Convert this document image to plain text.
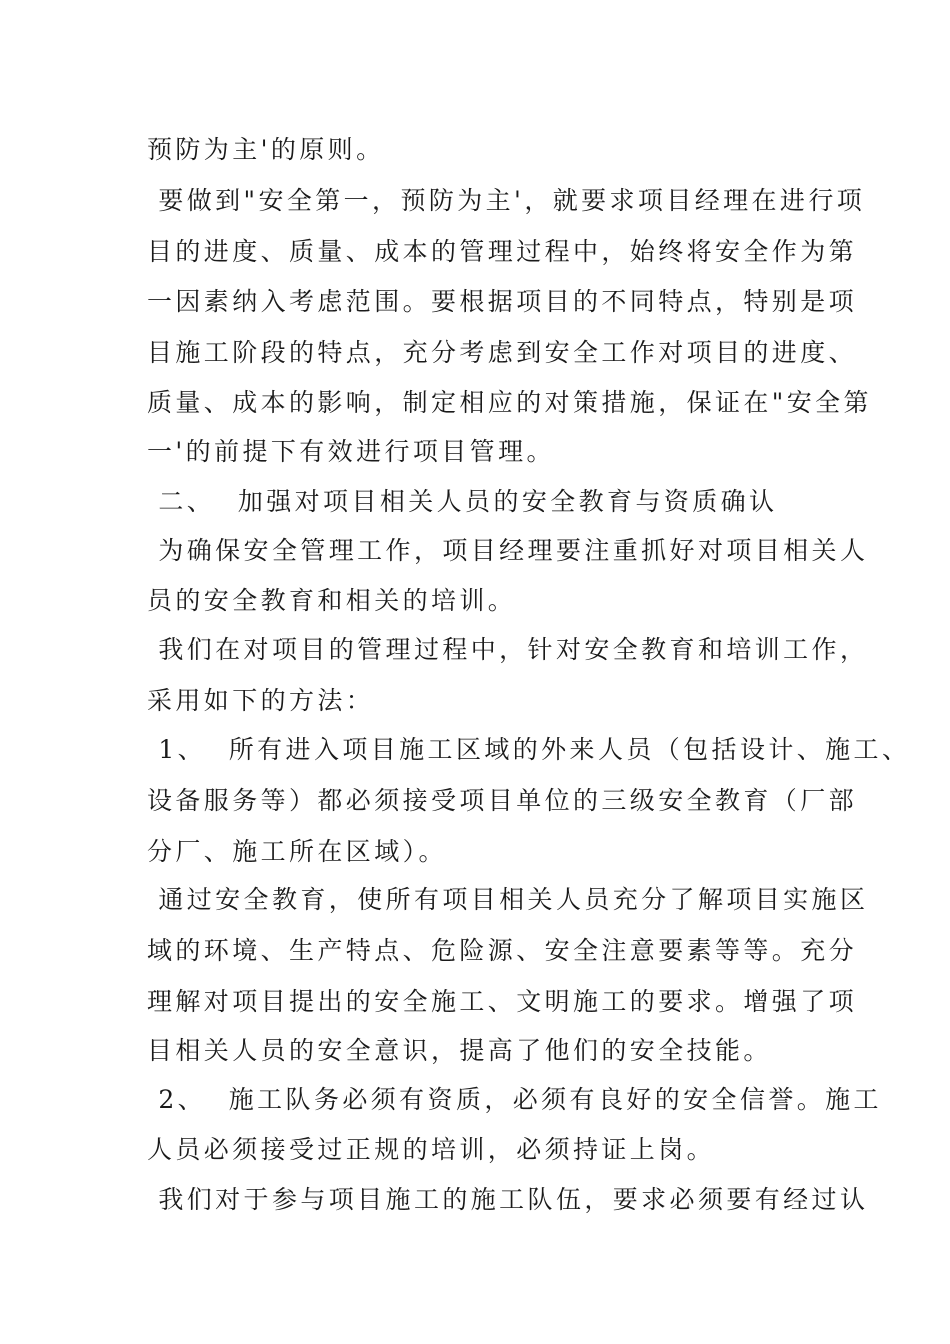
预防为主'的原则。
要做到"安全第一，预防为主'，就要求项目经理在进行项
目的进度、质量、成本的管理过程中，始终将安全作为第
一因素纳入考虑范围。要根据项目的不同特点，特别是项
目施工阶段的特点，充分考虑到安全工作对项目的进度、
质量、成本的影响，制定相应的对策措施，保证在"安全第
一'的前提下有效进行项目管理。
二、  加强对项目相关人员的安全教育与资质确认
为确保安全管理工作，项目经理要注重抓好对项目相关人
员的安全教育和相关的培训。
我们在对项目的管理过程中，针对安全教育和培训工作，
采用如下的方法：
1、  所有进入项目施工区域的外来人员（包括设计、施工、
设备服务等）都必须接受项目单位的三级安全教育（厂部
分厂、施工所在区域）。
通过安全教育，使所有项目相关人员充分了解项目实施区
域的环境、生产特点、危险源、安全注意要素等等。充分
理解对项目提出的安全施工、文明施工的要求。增强了项
目相关人员的安全意识，提高了他们的安全技能。
2、  施工队务必须有资质，必须有良好的安全信誉。施工
人员必须接受过正规的培训，必须持证上岗。
我们对于参与项目施工的施工队伍，要求必须要有经过认
